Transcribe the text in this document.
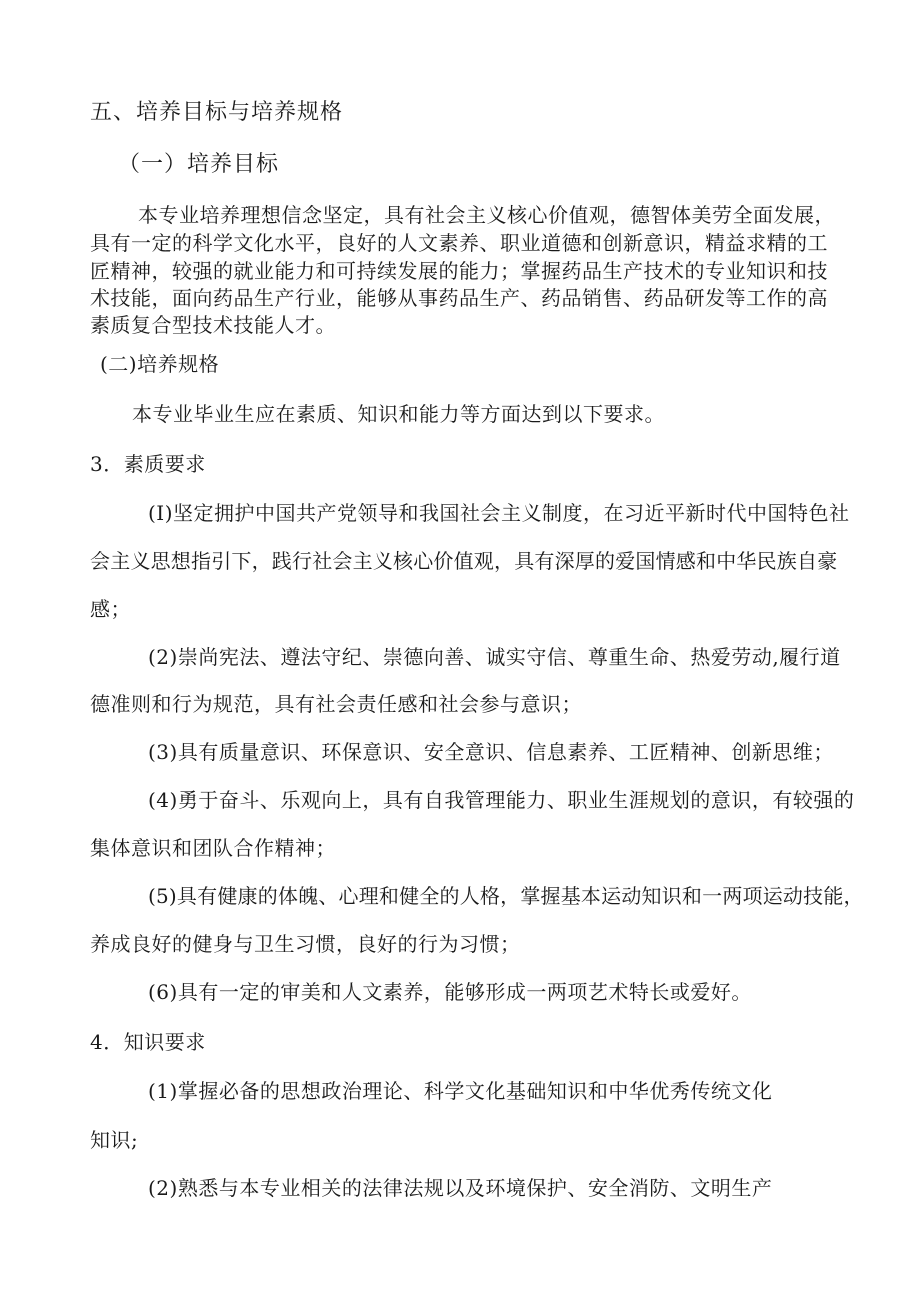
五、培养目标与培养规格
（一）培养目标
本专业培养理想信念坚定，具有社会主义核心价值观，德智体美劳全面发展，
具有一定的科学文化水平，良好的人文素养、职业道德和创新意识，精益求精的工
匠精神，较强的就业能力和可持续发展的能力；掌握药品生产技术的专业知识和技
术技能，面向药品生产行业，能够从事药品生产、药品销售、药品研发等工作的高
素质复合型技术技能人才。
(二)培养规格
本专业毕业生应在素质、知识和能力等方面达到以下要求。
3．素质要求
(I)坚定拥护中国共产党领导和我国社会主义制度，在习近平新时代中国特色社
会主义思想指引下，践行社会主义核心价值观，具有深厚的爱国情感和中华民族自豪
感；
(2)崇尚宪法、遵法守纪、崇德向善、诚实守信、尊重生命、热爱劳动,履行道
德准则和行为规范，具有社会责任感和社会参与意识；
(3)具有质量意识、环保意识、安全意识、信息素养、工匠精神、创新思维；
(4)勇于奋斗、乐观向上，具有自我管理能力、职业生涯规划的意识，有较强的
集体意识和团队合作精神；
(5)具有健康的体魄、心理和健全的人格，掌握基本运动知识和一两项运动技能，
养成良好的健身与卫生习惯，良好的行为习惯；
(6)具有一定的审美和人文素养，能够形成一两项艺术特长或爱好。
4．知识要求
(1)掌握必备的思想政治理论、科学文化基础知识和中华优秀传统文化
知识;
(2)熟悉与本专业相关的法律法规以及环境保护、安全消防、文明生产
